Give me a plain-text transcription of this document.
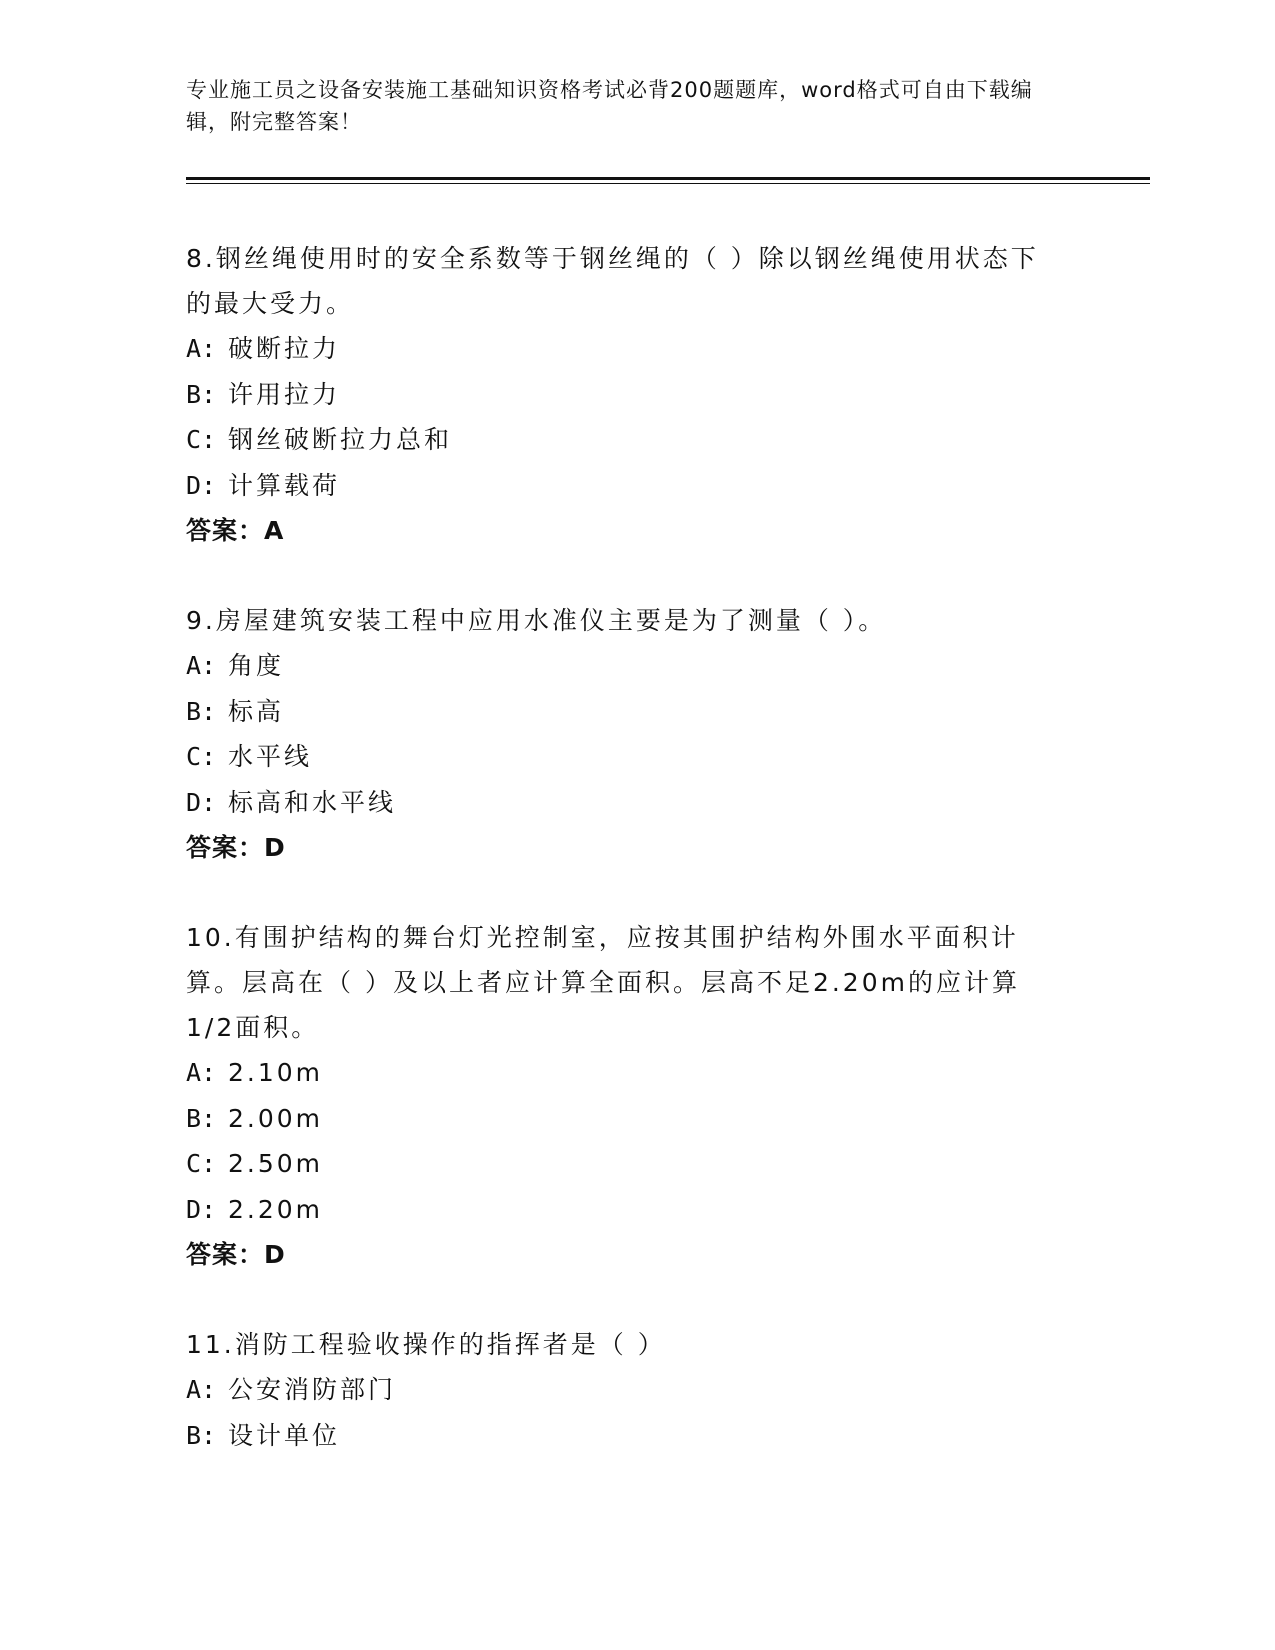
专业施工员之设备安装施工基础知识资格考试必背200题题库，word格式可自由下载编辑，附完整答案！

8.钢丝绳使用时的安全系数等于钢丝绳的（ ）除以钢丝绳使用状态下的最大受力。

A: 破断拉力
B: 许用拉力
C: 钢丝破断拉力总和
D: 计算载荷
答案：A

9.房屋建筑安装工程中应用水准仪主要是为了测量（ ）。

A: 角度
B: 标高
C: 水平线
D: 标高和水平线
答案：D

10.有围护结构的舞台灯光控制室，应按其围护结构外围水平面积计算。层高在（ ）及以上者应计算全面积。层高不足2.20m的应计算1/2面积。

A: 2.10m
B: 2.00m
C: 2.50m
D: 2.20m
答案：D

11.消防工程验收操作的指挥者是（ ）

A: 公安消防部门
B: 设计单位
